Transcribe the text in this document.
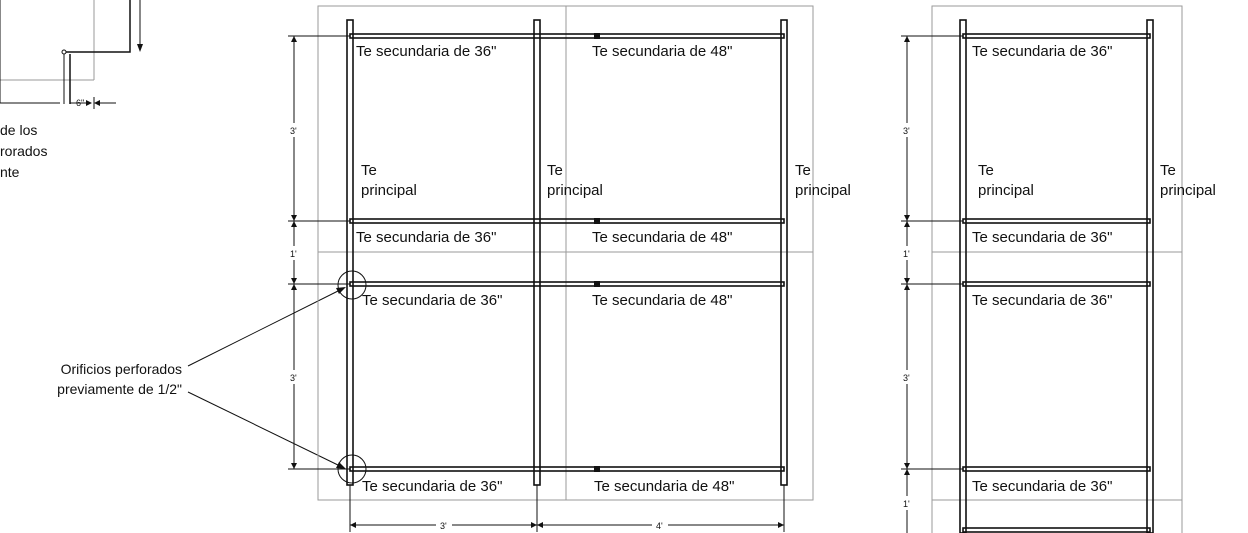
6"
de los
rorados
nte
Orificios perforados
previamente de 1/2"
Te secundaria de 36"	Te secundaria de 48"
Te secundaria de 36"	Te secundaria de 48"
Te secundaria de 36"	Te secundaria de 48"
Te secundaria de 36"	Te secundaria de 48"
Te
principal
Te
principal
Te
principal
3'
1'
3'
3'	4'
Te secundaria de 36"
Te secundaria de 36"
Te secundaria de 36"
Te secundaria de 36"
Te
principal
Te
principal
3'
1'
3'
1'
